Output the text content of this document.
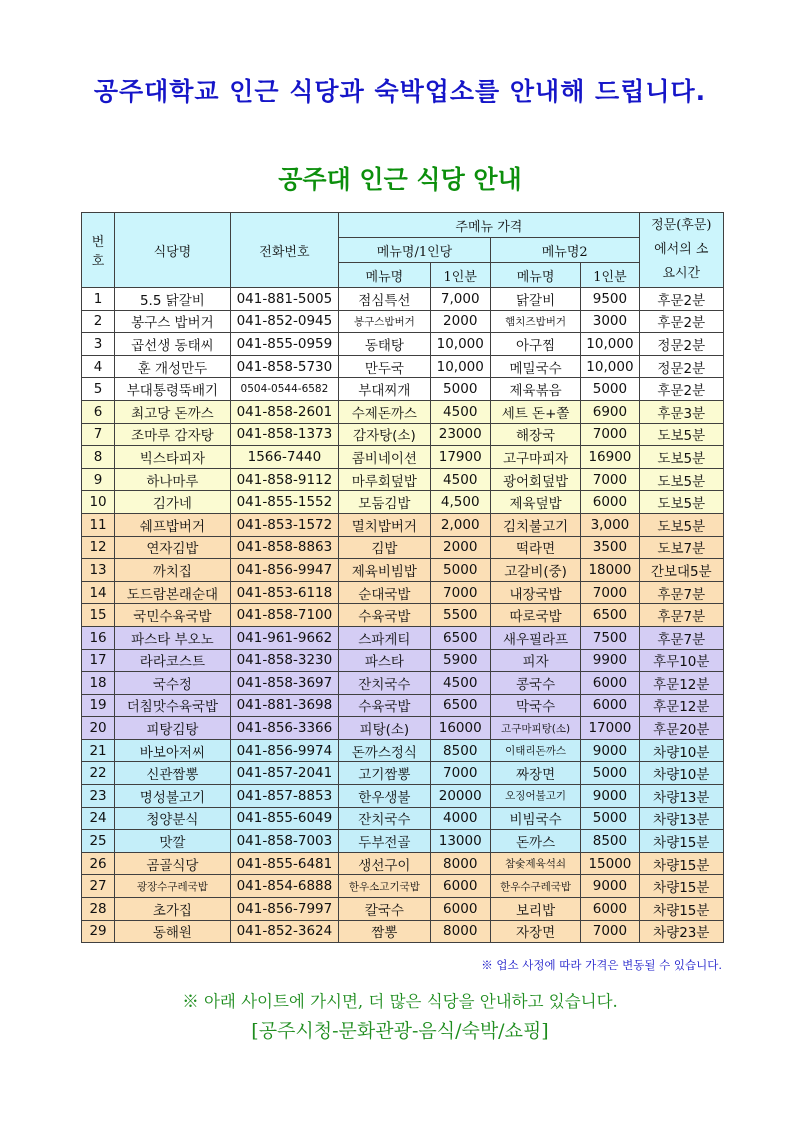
공주대학교 인근 식당과 숙박업소를 안내해 드립니다.
공주대 인근 식당 안내
번호	식당명	전화번호	주메뉴 가격				정문(후문)에서의 소요시간
			메뉴명/1인당		메뉴명2		
			메뉴명	1인분	메뉴명	1인분	
1	5.5 닭갈비	041-881-5005	점심특선	7,000	닭갈비	9500	후문2분
2	봉구스 밥버거	041-852-0945	봉구스밥버거	2000	햄치즈밥버거	3000	후문2분
3	곱선생 동태씨	041-855-0959	동태탕	10,000	아구찜	10,000	정문2분
4	훈 개성만두	041-858-5730	만두국	10,000	메밀국수	10,000	정문2분
5	부대통령뚝배기	0504-0544-6582	부대찌개	5000	제육볶음	5000	후문2분
6	최고당 돈까스	041-858-2601	수제돈까스	4500	세트 돈+쫄	6900	후문3분
7	조마루 감자탕	041-858-1373	감자탕(소)	23000	해장국	7000	도보5분
8	빅스타피자	1566-7440	콤비네이션	17900	고구마피자	16900	도보5분
9	하나마루	041-858-9112	마루회덮밥	4500	광어회덮밥	7000	도보5분
10	김가네	041-855-1552	모둠김밥	4,500	제육덮밥	6000	도보5분
11	쉐프밥버거	041-853-1572	멸치밥버거	2,000	김치불고기	3,000	도보5분
12	연자김밥	041-858-8863	김밥	2000	떡라면	3500	도보7분
13	까치집	041-856-9947	제육비빔밥	5000	고갈비(중)	18000	간보대5분
14	도드람본래순대	041-853-6118	순대국밥	7000	내장국밥	7000	후문7분
15	국민수육국밥	041-858-7100	수육국밥	5500	따로국밥	6500	후문7분
16	파스타 부오노	041-961-9662	스파게티	6500	새우필라프	7500	후문7분
17	라라코스트	041-858-3230	파스타	5900	피자	9900	후무10분
18	국수정	041-858-3697	잔치국수	4500	콩국수	6000	후문12분
19	더침맛수육국밥	041-881-3698	수육국밥	6500	막국수	6000	후문12분
20	피탕김탕	041-856-3366	피탕(소)	16000	고구마피탕(소)	17000	후문20분
21	바보아저씨	041-856-9974	돈까스정식	8500	이태리돈까스	9000	차량10분
22	신관짬뽕	041-857-2041	고기짬뽕	7000	짜장면	5000	차량10분
23	명성불고기	041-857-8853	한우생불	20000	오징어불고기	9000	차량13분
24	청양분식	041-855-6049	잔치국수	4000	비빔국수	5000	차량13분
25	맛깔	041-858-7003	두부전골	13000	돈까스	8500	차량15분
26	곰골식당	041-855-6481	생선구이	8000	참숯제육석쇠	15000	차량15분
27	광장수구레국밥	041-854-6888	한우소고기국밥	6000	한우수구레국밥	9000	차량15분
28	초가집	041-856-7997	칼국수	6000	보리밥	6000	차량15분
29	동해원	041-852-3624	짬뽕	8000	자장면	7000	차량23분
※ 업소 사정에 따라 가격은 변동될 수 있습니다.
※ 아래 사이트에 가시면, 더 많은 식당을 안내하고 있습니다.
[공주시청-문화관광-음식/숙박/쇼핑]
